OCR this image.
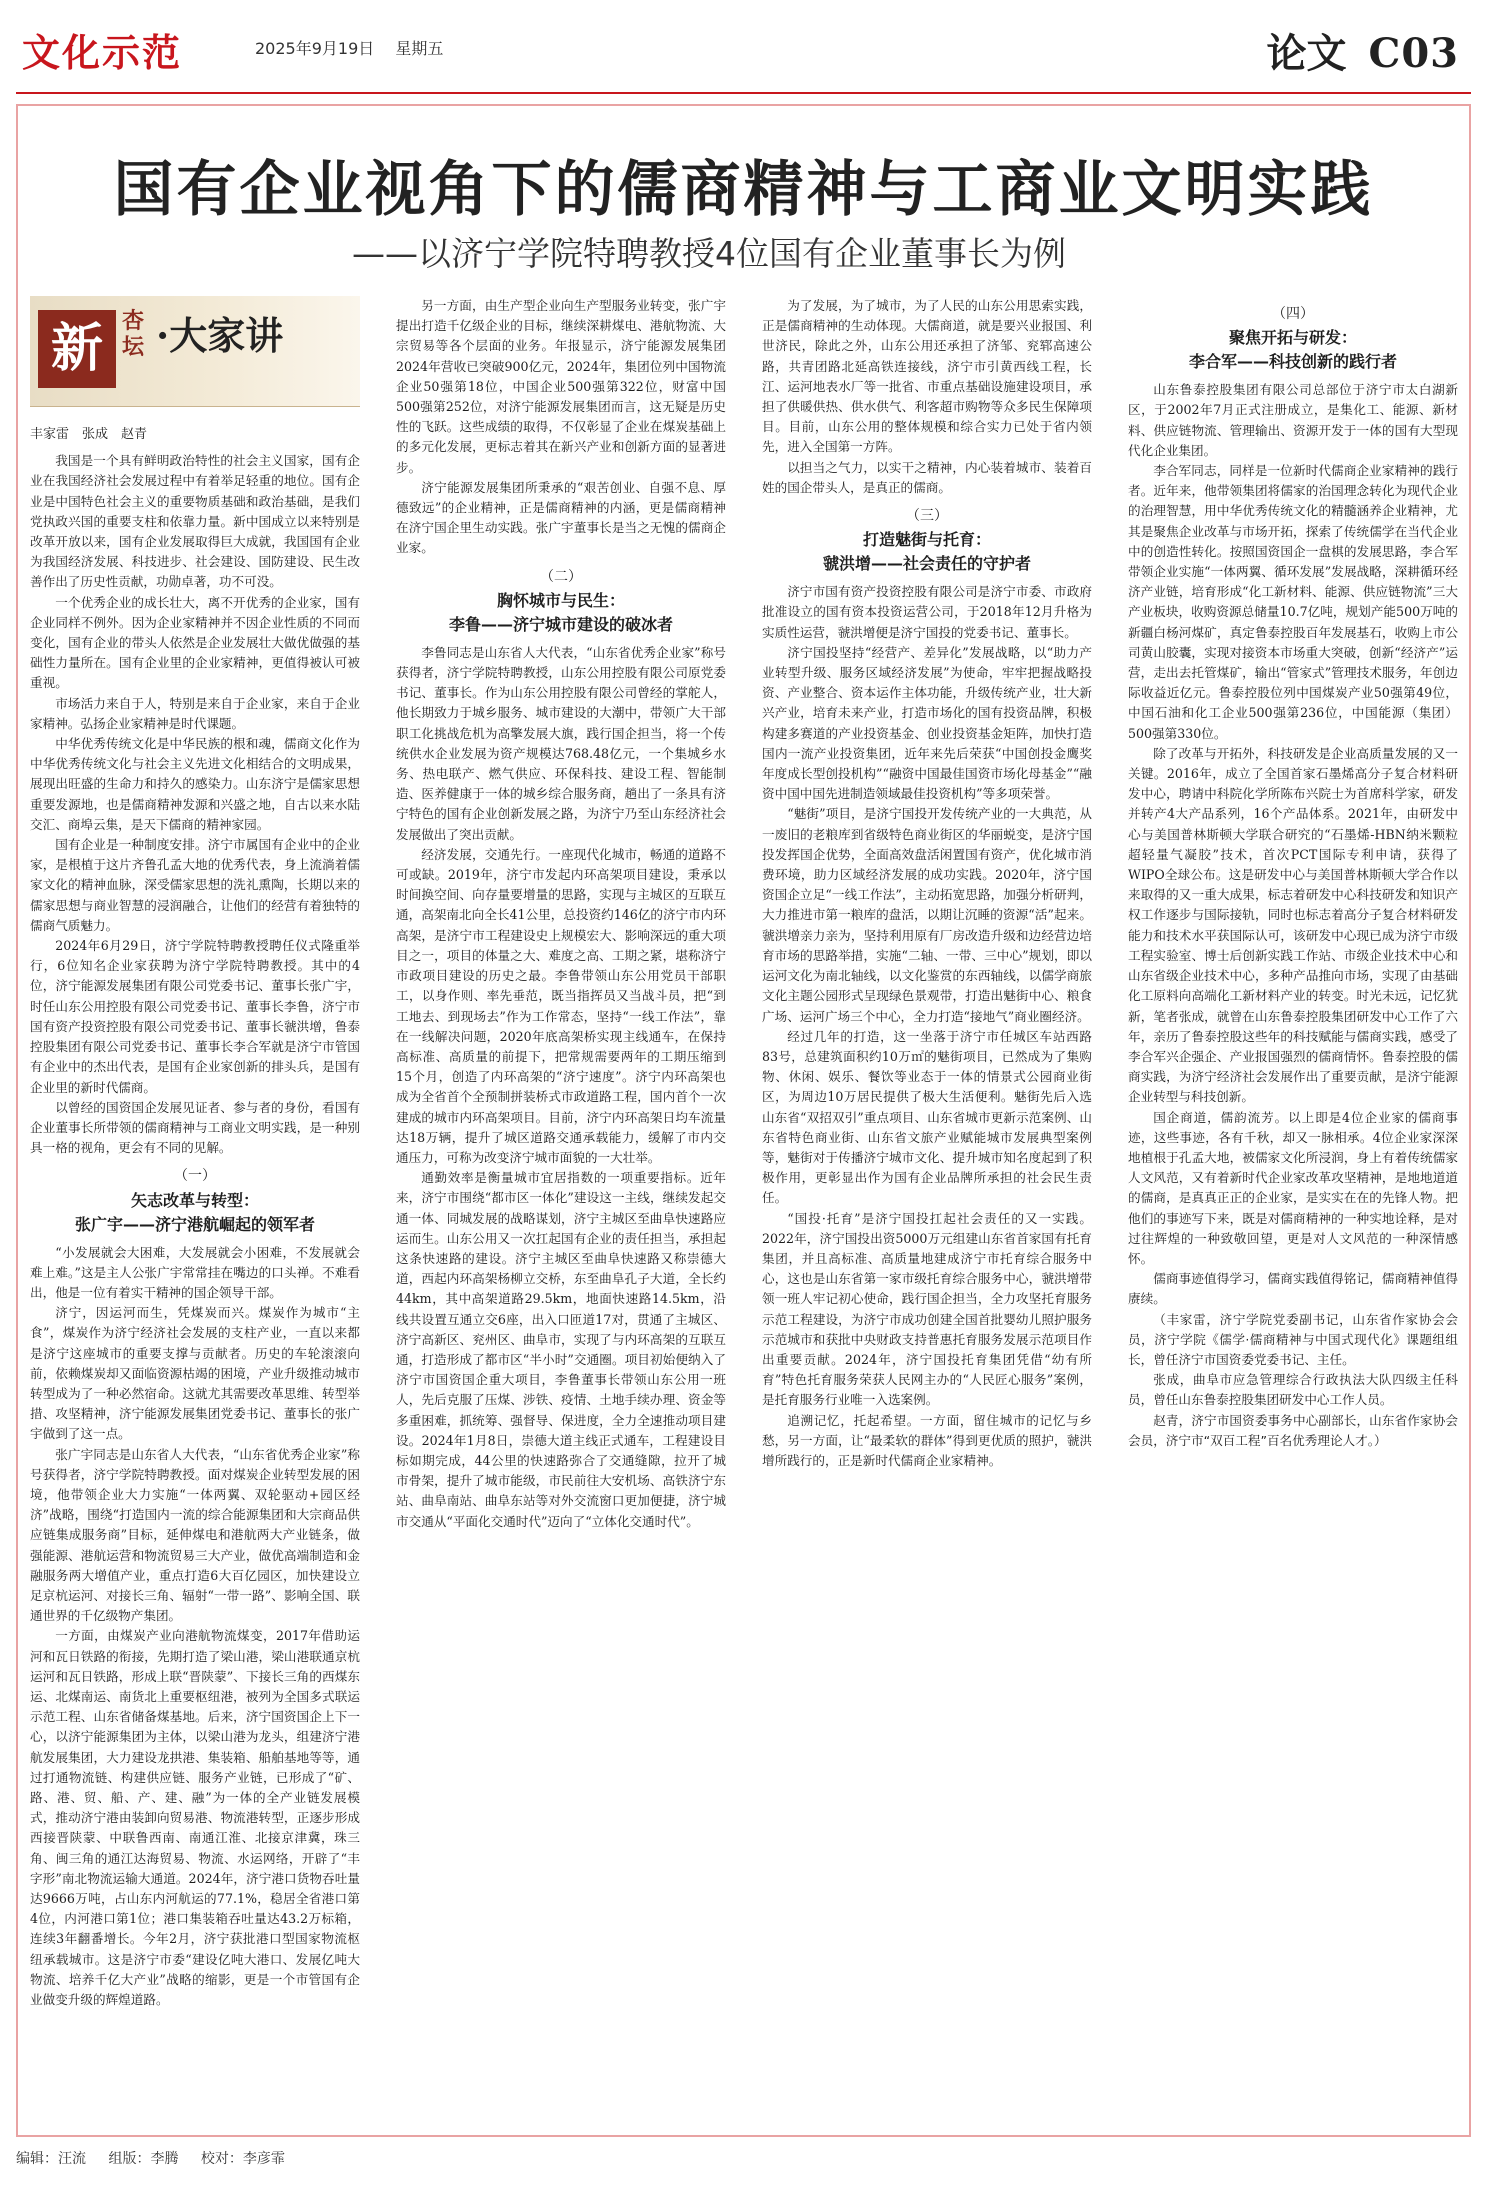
文化示范	2025年9月19日 星期五	论文 C03
国有企业视角下的儒商精神与工商业文明实践
——以济宁学院特聘教授4位国有企业董事长为例
新 杏坛 ·大家讲

丰家雷　张成　赵青

我国是一个具有鲜明政治特性的社会主义国家，国有企业在我国经济社会发展过程中有着举足轻重的地位。国有企业是中国特色社会主义的重要物质基础和政治基础，是我们党执政兴国的重要支柱和依靠力量。新中国成立以来特别是改革开放以来，国有企业发展取得巨大成就，我国国有企业为我国经济发展、科技进步、社会建设、国防建设、民生改善作出了历史性贡献，功勋卓著，功不可没。

一个优秀企业的成长壮大，离不开优秀的企业家，国有企业同样不例外。因为企业家精神并不因企业性质的不同而变化，国有企业的带头人依然是企业发展壮大做优做强的基础性力量所在。国有企业里的企业家精神，更值得被认可被重视。

市场活力来自于人，特别是来自于企业家，来自于企业家精神。弘扬企业家精神是时代课题。

中华优秀传统文化是中华民族的根和魂，儒商文化作为中华优秀传统文化与社会主义先进文化相结合的文明成果，展现出旺盛的生命力和持久的感染力。山东济宁是儒家思想重要发源地，也是儒商精神发源和兴盛之地，自古以来水陆交汇、商埠云集，是天下儒商的精神家园。

国有企业是一种制度安排。济宁市属国有企业中的企业家，是根植于这片齐鲁孔孟大地的优秀代表，身上流淌着儒家文化的精神血脉，深受儒家思想的洗礼熏陶，长期以来的儒家思想与商业智慧的浸润融合，让他们的经营有着独特的儒商气质魅力。

2024年6月29日，济宁学院特聘教授聘任仪式隆重举行，6位知名企业家获聘为济宁学院特聘教授。其中的4位，济宁能源发展集团有限公司党委书记、董事长张广宇，时任山东公用控股有限公司党委书记、董事长李鲁，济宁市国有资产投资控股有限公司党委书记、董事长虢洪增，鲁泰控股集团有限公司党委书记、董事长李合军就是济宁市管国有企业中的杰出代表，是国有企业家创新的排头兵，是国有企业里的新时代儒商。

以曾经的国资国企发展见证者、参与者的身份，看国有企业董事长所带领的儒商精神与工商业文明实践，是一种别具一格的视角，更会有不同的见解。

（一）

矢志改革与转型：

张广宇——济宁港航崛起的领军者

“小发展就会大困难，大发展就会小困难，不发展就会难上难。”这是主人公张广宇常常挂在嘴边的口头禅。不难看出，他是一位有着实干精神的国企领导干部。

济宁，因运河而生，凭煤炭而兴。煤炭作为城市“主食”，煤炭作为济宁经济社会发展的支柱产业，一直以来都是济宁这座城市的重要支撑与贡献者。历史的车轮滚滚向前，依赖煤炭却又面临资源枯竭的困境，产业升级推动城市转型成为了一种必然宿命。这就尤其需要改革思维、转型举措、攻坚精神，济宁能源发展集团党委书记、董事长的张广宇做到了这一点。

张广宇同志是山东省人大代表，“山东省优秀企业家”称号获得者，济宁学院特聘教授。面对煤炭企业转型发展的困境，他带领企业大力实施“一体两翼、双轮驱动+园区经济”战略，围绕“打造国内一流的综合能源集团和大宗商品供应链集成服务商”目标，延伸煤电和港航两大产业链条，做强能源、港航运营和物流贸易三大产业，做优高端制造和金融服务两大增值产业，重点打造6大百亿园区，加快建设立足京杭运河、对接长三角、辐射“一带一路”、影响全国、联通世界的千亿级物产集团。

一方面，由煤炭产业向港航物流煤变，2017年借助运河和瓦日铁路的衔接，先期打造了梁山港，梁山港联通京杭运河和瓦日铁路，形成上联“晋陕蒙”、下接长三角的西煤东运、北煤南运、南货北上重要枢纽港，被列为全国多式联运示范工程、山东省储备煤基地。后来，济宁国资国企上下一心，以济宁能源集团为主体，以梁山港为龙头，组建济宁港航发展集团，大力建设龙拱港、集装箱、船舶基地等等，通过打通物流链、构建供应链、服务产业链，已形成了“矿、路、港、贸、船、产、建、融”为一体的全产业链发展模式，推动济宁港由装卸向贸易港、物流港转型，正逐步形成西接晋陕蒙、中联鲁西南、南通江淮、北接京津冀，珠三角、闽三角的通江达海贸易、物流、水运网络，开辟了“丰字形”南北物流运输大通道。2024年，济宁港口货物吞吐量达9666万吨，占山东内河航运的77.1%，稳居全省港口第4位，内河港口第1位；港口集装箱吞吐量达43.2万标箱，连续3年翻番增长。今年2月，济宁获批港口型国家物流枢纽承载城市。这是济宁市委“建设亿吨大港口、发展亿吨大物流、培养千亿大产业”战略的缩影，更是一个市管国有企业做变升级的辉煌道路。

另一方面，由生产型企业向生产型服务业转变，张广宇提出打造千亿级企业的目标，继续深耕煤电、港航物流、大宗贸易等各个层面的业务。年报显示，济宁能源发展集团2024年营收已突破900亿元，2024年，集团位列中国物流企业50强第18位，中国企业500强第322位，财富中国500强第252位，对济宁能源发展集团而言，这无疑是历史性的飞跃。这些成绩的取得，不仅彰显了企业在煤炭基础上的多元化发展，更标志着其在新兴产业和创新方面的显著进步。

济宁能源发展集团所秉承的“艰苦创业、自强不息、厚德致远”的企业精神，正是儒商精神的内涵，更是儒商精神在济宁国企里生动实践。张广宇董事长是当之无愧的儒商企业家。

（二）

胸怀城市与民生：

李鲁——济宁城市建设的破冰者

李鲁同志是山东省人大代表，“山东省优秀企业家”称号获得者，济宁学院特聘教授，山东公用控股有限公司原党委书记、董事长。作为山东公用控股有限公司曾经的掌舵人，他长期致力于城乡服务、城市建设的大潮中，带领广大干部职工化挑战危机为高擎发展大旗，践行国企担当，将一个传统供水企业发展为资产规模达768.48亿元，一个集城乡水务、热电联产、燃气供应、环保科技、建设工程、智能制造、医养健康于一体的城乡综合服务商，趟出了一条具有济宁特色的国有企业创新发展之路，为济宁乃至山东经济社会发展做出了突出贡献。

经济发展，交通先行。一座现代化城市，畅通的道路不可或缺。2019年，济宁市发起内环高架项目建设，秉承以时间换空间、向存量要增量的思路，实现与主城区的互联互通，高架南北向全长41公里，总投资约146亿的济宁市内环高架，是济宁市工程建设史上规模宏大、影响深远的重大项目之一，项目的体量之大、难度之高、工期之紧，堪称济宁市政项目建设的历史之最。李鲁带领山东公用党员干部职工，以身作则、率先垂范，既当指挥员又当战斗员，把“到工地去、到现场去”作为工作常态，坚持“一线工作法”，靠在一线解决问题，2020年底高架桥实现主线通车，在保持高标准、高质量的前提下，把常规需要两年的工期压缩到15个月，创造了内环高架的“济宁速度”。济宁内环高架也成为全省首个全预制拼装桥式市政道路工程，国内首个一次建成的城市内环高架项目。目前，济宁内环高架日均车流量达18万辆，提升了城区道路交通承载能力，缓解了市内交通压力，可称为改变济宁城市面貌的一大壮举。

通勤效率是衡量城市宜居指数的一项重要指标。近年来，济宁市围绕“都市区一体化”建设这一主线，继续发起交通一体、同城发展的战略谋划，济宁主城区至曲阜快速路应运而生。山东公用又一次扛起国有企业的责任担当，承担起这条快速路的建设。济宁主城区至曲阜快速路又称崇德大道，西起内环高架杨柳立交桥，东至曲阜孔子大道，全长约44km，其中高架道路29.5km，地面快速路14.5km，沿线共设置互通立交6座，出入口匝道17对，贯通了主城区、济宁高新区、兖州区、曲阜市，实现了与内环高架的互联互通，打造形成了都市区“半小时”交通圈。项目初始便纳入了济宁市国资国企重大项目，李鲁董事长带领山东公用一班人，先后克服了压煤、涉铁、疫情、土地手续办理、资金等多重困难，抓统筹、强督导、保进度，全力全速推动项目建设。2024年1月8日，崇德大道主线正式通车，工程建设目标如期完成，44公里的快速路弥合了交通缝隙，拉开了城市骨架，提升了城市能级，市民前往大安机场、高铁济宁东站、曲阜南站、曲阜东站等对外交流窗口更加便捷，济宁城市交通从“平面化交通时代”迈向了“立体化交通时代”。

为了发展，为了城市，为了人民的山东公用思索实践，正是儒商精神的生动体现。大儒商道，就是要兴业报国、利世济民，除此之外，山东公用还承担了济邹、兖郓高速公路，共青团路北延高铁连接线，济宁市引黄西线工程，长江、运河地表水厂等一批省、市重点基础设施建设项目，承担了供暖供热、供水供气、利客超市购物等众多民生保障项目。目前，山东公用的整体规模和综合实力已处于省内领先，进入全国第一方阵。

以担当之气力，以实干之精神，内心装着城市、装着百姓的国企带头人，是真正的儒商。

（三）

打造魅街与托育：

虢洪增——社会责任的守护者

济宁市国有资产投资控股有限公司是济宁市委、市政府批准设立的国有资本投资运营公司，于2018年12月升格为实质性运营，虢洪增便是济宁国投的党委书记、董事长。

济宁国投坚持“经营产、差异化”发展战略，以“助力产业转型升级、服务区域经济发展”为使命，牢牢把握战略投资、产业整合、资本运作主体功能，升级传统产业，壮大新兴产业，培育未来产业，打造市场化的国有投资品牌，积极构建多赛道的产业投资基金、创业投资基金矩阵，加快打造国内一流产业投资集团，近年来先后荣获“中国创投金鹰奖年度成长型创投机构”“融资中国最佳国资市场化母基金”“融资中国中国先进制造领域最佳投资机构”等多项荣誉。

“魅街”项目，是济宁国投开发传统产业的一大典范，从一废旧的老粮库到省级特色商业街区的华丽蜕变，是济宁国投发挥国企优势，全面高效盘活闲置国有资产，优化城市消费环境，助力区域经济发展的成功实践。2020年，济宁国资国企立足“一线工作法”，主动拓宽思路，加强分析研判，大力推进市第一粮库的盘活，以期让沉睡的资源“活”起来。虢洪增亲力亲为，坚持利用原有厂房改造升级和边经营边培育市场的思路举措，实施“二轴、一带、三中心”规划，即以运河文化为南北轴线，以文化鉴赏的东西轴线，以儒学商旅文化主题公园形式呈现绿色景观带，打造出魅街中心、粮食广场、运河广场三个中心，全力打造“接地气”商业圈经济。

经过几年的打造，这一坐落于济宁市任城区车站西路83号，总建筑面积约10万㎡的魅街项目，已然成为了集购物、休闲、娱乐、餐饮等业态于一体的情景式公园商业街区，为周边10万居民提供了极大生活便利。魅街先后入选山东省“双招双引”重点项目、山东省城市更新示范案例、山东省特色商业街、山东省文旅产业赋能城市发展典型案例等，魅街对于传播济宁城市文化、提升城市知名度起到了积极作用，更彰显出作为国有企业品牌所承担的社会民生责任。

“国投·托育”是济宁国投扛起社会责任的又一实践。2022年，济宁国投出资5000万元组建山东省首家国有托育集团，并且高标准、高质量地建成济宁市托育综合服务中心，这也是山东省第一家市级托育综合服务中心，虢洪增带领一班人牢记初心使命，践行国企担当，全力攻坚托育服务示范工程建设，为济宁市成功创建全国首批婴幼儿照护服务示范城市和获批中央财政支持普惠托育服务发展示范项目作出重要贡献。2024年，济宁国投托育集团凭借“幼有所育”特色托育服务荣获人民网主办的“人民匠心服务”案例，是托育服务行业唯一入选案例。

追溯记忆，托起希望。一方面，留住城市的记忆与乡愁，另一方面，让“最柔软的群体”得到更优质的照护，虢洪增所践行的，正是新时代儒商企业家精神。

（四）

聚焦开拓与研发：

李合军——科技创新的践行者

山东鲁泰控股集团有限公司总部位于济宁市太白湖新区，于2002年7月正式注册成立，是集化工、能源、新材料、供应链物流、管理输出、资源开发于一体的国有大型现代化企业集团。

李合军同志，同样是一位新时代儒商企业家精神的践行者。近年来，他带领集团将儒家的治国理念转化为现代企业的治理智慧，用中华优秀传统文化的精髓涵养企业精神，尤其是聚焦企业改革与市场开拓，探索了传统儒学在当代企业中的创造性转化。按照国资国企一盘棋的发展思路，李合军带领企业实施“一体两翼、循环发展”发展战略，深耕循环经济产业链，培育形成“化工新材料、能源、供应链物流”三大产业板块，收购资源总储量10.7亿吨，规划产能500万吨的新疆白杨河煤矿，真定鲁泰控股百年发展基石，收购上市公司黄山胶囊，实现对接资本市场重大突破，创新“经济产”运营，走出去托管煤矿，输出“管家式”管理技术服务，年创边际收益近亿元。鲁泰控股位列中国煤炭产业50强第49位，中国石油和化工企业500强第236位，中国能源（集团）500强第330位。

除了改革与开拓外，科技研发是企业高质量发展的又一关键。2016年，成立了全国首家石墨烯高分子复合材料研发中心，聘请中科院化学所陈布兴院士为首席科学家，研发并转产4大产品系列，16个产品体系。2021年，由研发中心与美国普林斯顿大学联合研究的“石墨烯-HBN纳米颗粒超轻量气凝胶”技术，首次PCT国际专利申请，获得了WIPO全球公布。这是研发中心与美国普林斯顿大学合作以来取得的又一重大成果，标志着研发中心科技研发和知识产权工作逐步与国际接轨，同时也标志着高分子复合材料研发能力和技术水平获国际认可，该研发中心现已成为济宁市级工程实验室、博士后创新实践工作站、市级企业技术中心和山东省级企业技术中心，多种产品推向市场，实现了由基础化工原料向高端化工新材料产业的转变。时光未远，记忆犹新，笔者张成，就曾在山东鲁泰控股集团研发中心工作了六年，亲历了鲁泰控股这些年的科技赋能与儒商实践，感受了李合军兴企强企、产业报国强烈的儒商情怀。鲁泰控股的儒商实践，为济宁经济社会发展作出了重要贡献，是济宁能源企业转型与科技创新。

国企商道，儒韵流芳。以上即是4位企业家的儒商事迹，这些事迹，各有千秋，却又一脉相承。4位企业家深深地植根于孔孟大地，被儒家文化所浸润，身上有着传统儒家人文风范，又有着新时代企业家改革攻坚精神，是地地道道的儒商，是真真正正的企业家，是实实在在的先锋人物。把他们的事迹写下来，既是对儒商精神的一种实地诠释，是对过往辉煌的一种致敬回望，更是对人文风范的一种深情感怀。

儒商事迹值得学习，儒商实践值得铭记，儒商精神值得赓续。

（丰家雷，济宁学院党委副书记，山东省作家协会会员，济宁学院《儒学·儒商精神与中国式现代化》课题组组长，曾任济宁市国资委党委书记、主任。

张成，曲阜市应急管理综合行政执法大队四级主任科员，曾任山东鲁泰控股集团研发中心工作人员。

赵青，济宁市国资委事务中心副部长，山东省作家协会会员，济宁市“双百工程”百名优秀理论人才。）

编辑：汪流 组版：李腾 校对：李彦霏
